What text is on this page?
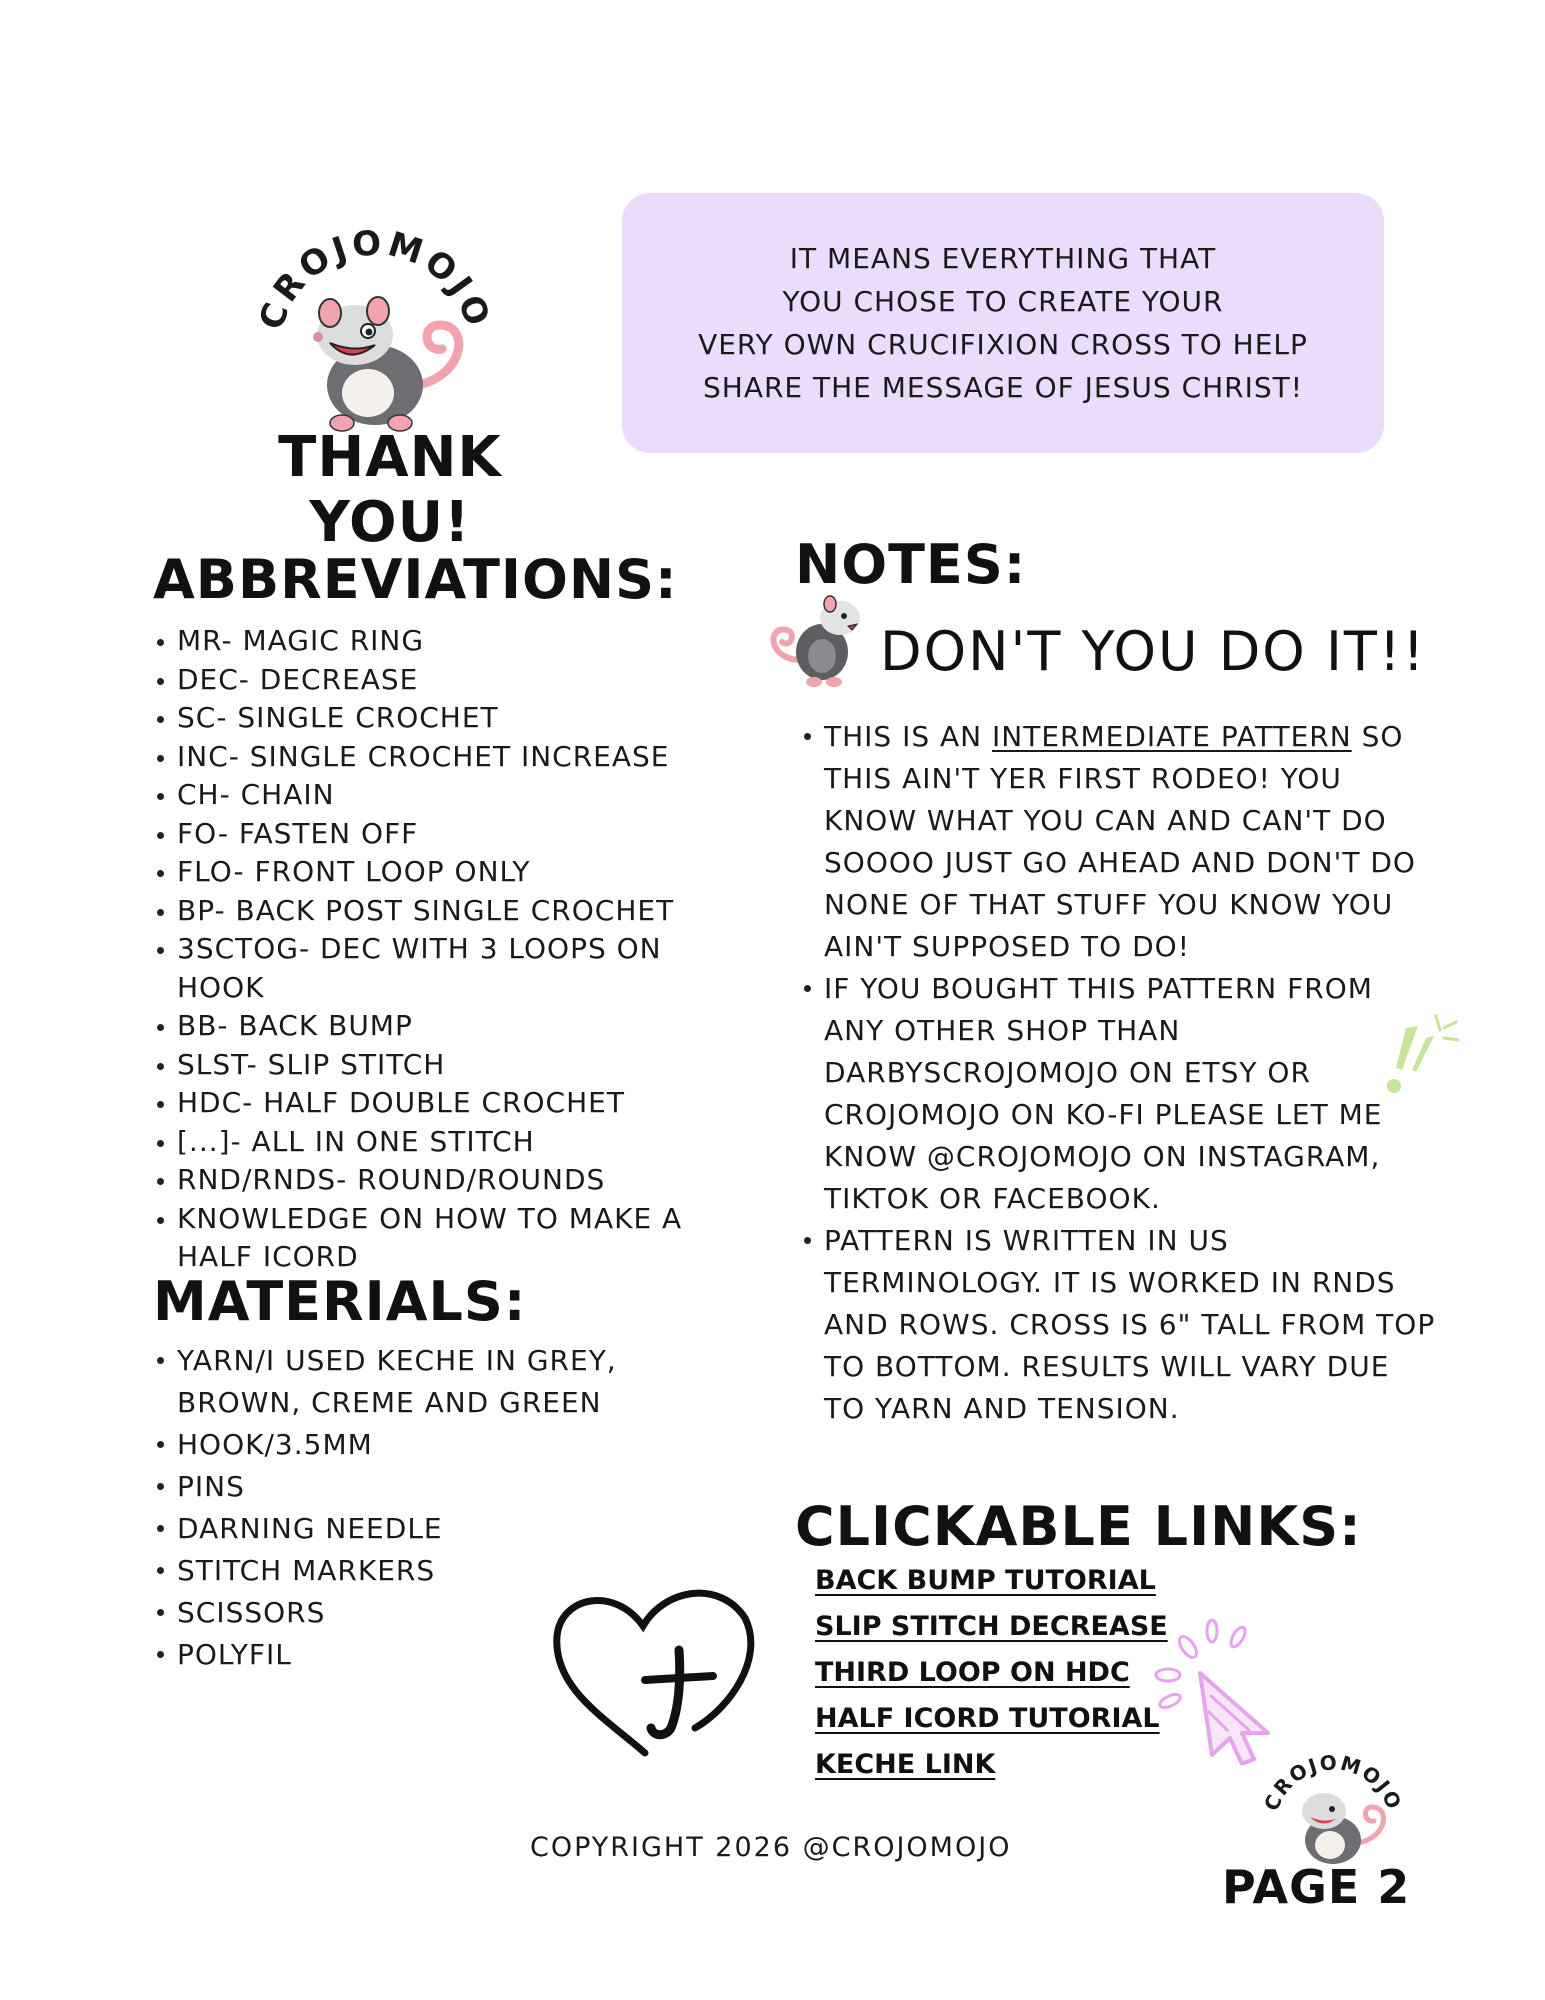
CROJOMOJO
THANK YOU!
IT MEANS EVERYTHING THAT
YOU CHOSE TO CREATE YOUR
VERY OWN CRUCIFIXION CROSS TO HELP
SHARE THE MESSAGE OF JESUS CHRIST!
ABBREVIATIONS:
MR- MAGIC RING
DEC- DECREASE
SC- SINGLE CROCHET
INC- SINGLE CROCHET INCREASE
CH- CHAIN
FO- FASTEN OFF
FLO- FRONT LOOP ONLY
BP- BACK POST SINGLE CROCHET
3SCTOG- DEC WITH 3 LOOPS ON HOOK
BB- BACK BUMP
SLST- SLIP STITCH
HDC- HALF DOUBLE CROCHET
[...]- ALL IN ONE STITCH
RND/RNDS- ROUND/ROUNDS
KNOWLEDGE ON HOW TO MAKE A HALF ICORD
MATERIALS:
YARN/I USED KECHE IN GREY, BROWN, CREME AND GREEN
HOOK/3.5MM
PINS
DARNING NEEDLE
STITCH MARKERS
SCISSORS
POLYFIL
NOTES:
DON'T YOU DO IT!!
THIS IS AN INTERMEDIATE PATTERN SO THIS AIN'T YER FIRST RODEO! YOU KNOW WHAT YOU CAN AND CAN'T DO SOOOO JUST GO AHEAD AND DON'T DO NONE OF THAT STUFF YOU KNOW YOU AIN'T SUPPOSED TO DO!
IF YOU BOUGHT THIS PATTERN FROM ANY OTHER SHOP THAN DARBYSCROJOMOJO ON ETSY OR CROJOMOJO ON KO-FI PLEASE LET ME KNOW @CROJOMOJO ON INSTAGRAM, TIKTOK OR FACEBOOK.
PATTERN IS WRITTEN IN US TERMINOLOGY. IT IS WORKED IN RNDS AND ROWS. CROSS IS 6" TALL FROM TOP TO BOTTOM. RESULTS WILL VARY DUE TO YARN AND TENSION.
CLICKABLE LINKS:
BACK BUMP TUTORIAL
SLIP STITCH DECREASE
THIRD LOOP ON HDC
HALF ICORD TUTORIAL
KECHE LINK
COPYRIGHT 2026 @CROJOMOJO
CROJOMOJO
PAGE 2
